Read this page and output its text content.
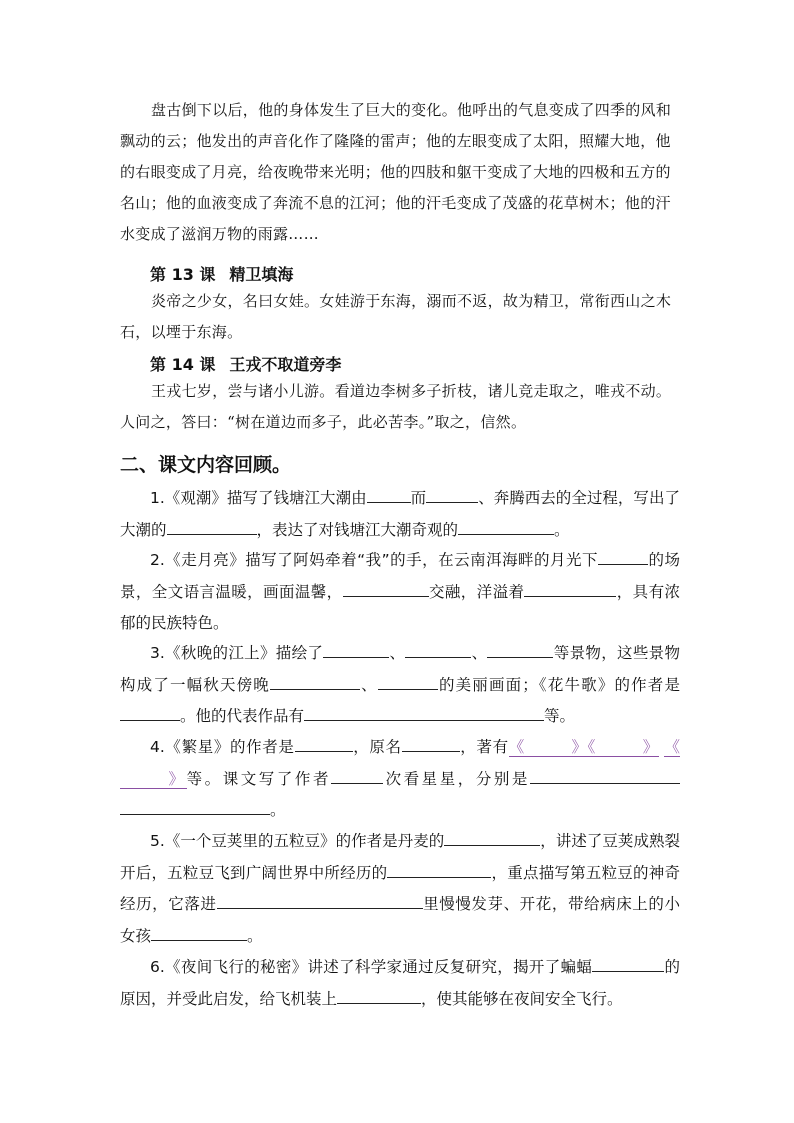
盘古倒下以后，他的身体发生了巨大的变化。他呼出的气息变成了四季的风和飘动的云；他发出的声音化作了隆隆的雷声；他的左眼变成了太阳，照耀大地，他的右眼变成了月亮，给夜晚带来光明；他的四肢和躯干变成了大地的四极和五方的名山；他的血液变成了奔流不息的江河；他的汗毛变成了茂盛的花草树木；他的汗水变成了滋润万物的雨露……
第 13 课 精卫填海
炎帝之少女，名曰女娃。女娃游于东海，溺而不返，故为精卫，常衔西山之木石，以堙于东海。
第 14 课 王戎不取道旁李
王戎七岁，尝与诸小儿游。看道边李树多子折枝，诸儿竞走取之，唯戎不动。人问之，答曰：“树在道边而多子，此必苦李。”取之，信然。
二、课文内容回顾。
1.《观潮》描写了钱塘江大潮由	而	、奔腾西去的全过程，写出了大潮的	，表达了对钱塘江大潮奇观的	。
2.《走月亮》描写了阿妈牵着“我”的手，在云南洱海畔的月光下	的场景，全文语言温暖，画面温馨，	交融，洋溢着	，具有浓郁的民族特色。
3.《秋晚的江上》描绘了	、	、	等景物，这些景物构成了一幅秋天傍晚	、	的美丽画面；《花牛歌》的作者是。他的代表作品有	等。
4.《繁星》的作者是	，原名	，著有《	》《	》 《》等。课文写了作者	次看星星，分别是 。
5.《一个豆荚里的五粒豆》的作者是丹麦的	，讲述了豆荚成熟裂开后，五粒豆飞到广阔世界中所经历的	，重点描写第五粒豆的神奇经历，它落进	里慢慢发芽、开花，带给病床上的小女孩	。
6.《夜间飞行的秘密》讲述了科学家通过反复研究，揭开了蝙蝠	的原因，并受此启发，给飞机装上	，使其能够在夜间安全飞行。
